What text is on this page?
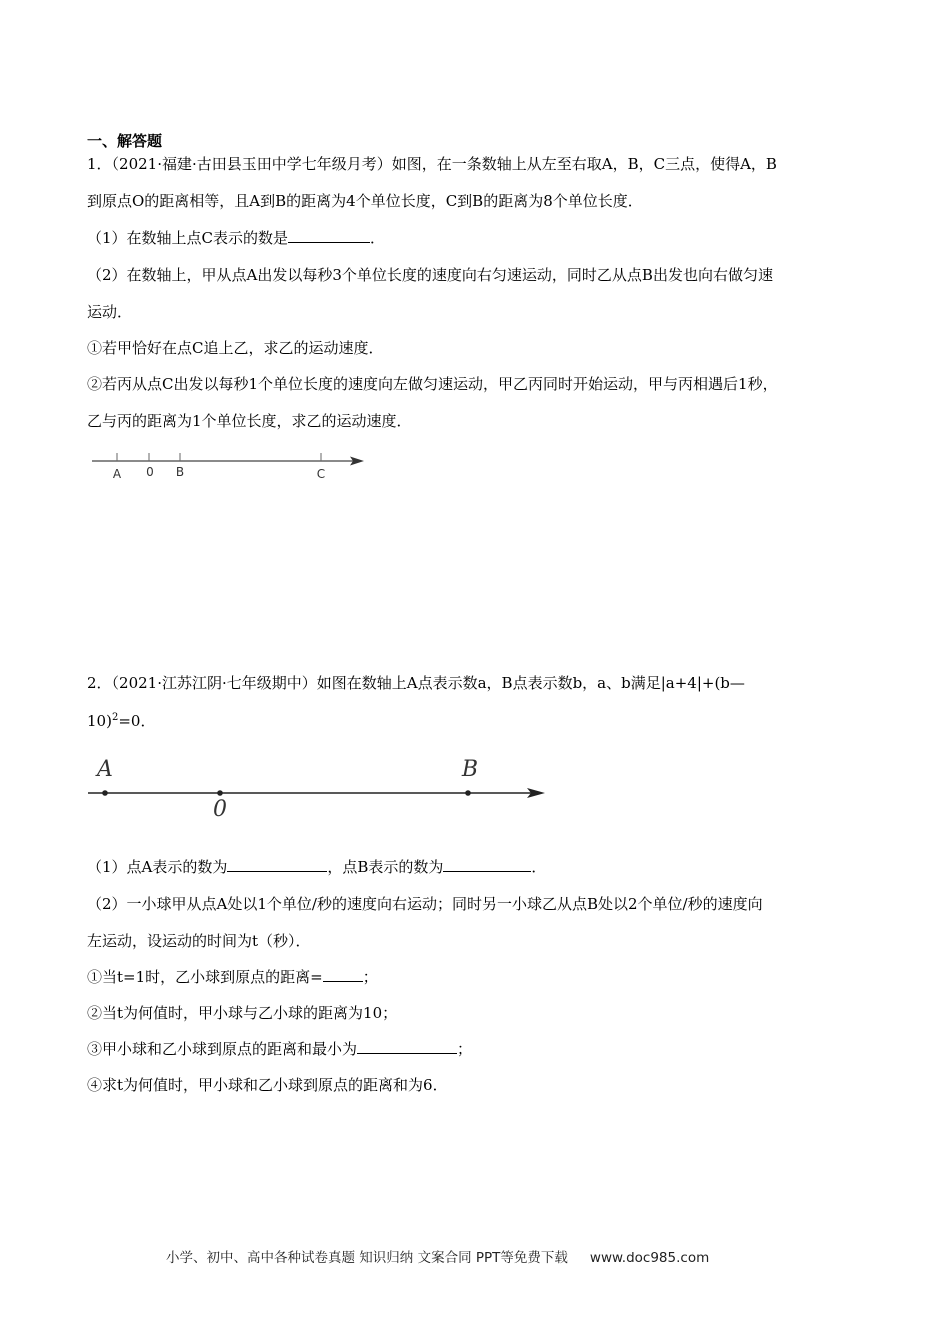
一、解答题
1．（2021·福建·古田县玉田中学七年级月考）如图，在一条数轴上从左至右取A，B，C三点，使得A，B
到原点O的距离相等，且A到B的距离为4个单位长度，C到B的距离为8个单位长度．
（1）在数轴上点C表示的数是	．
（2）在数轴上，甲从点A出发以每秒3个单位长度的速度向右匀速运动，同时乙从点B出发也向右做匀速
运动．
①若甲恰好在点C追上乙，求乙的运动速度．
②若丙从点C出发以每秒1个单位长度的速度向左做匀速运动，甲乙丙同时开始运动，甲与丙相遇后1秒，
乙与丙的距离为1个单位长度，求乙的运动速度．
A 0 B	C
2．（2021·江苏江阴·七年级期中）如图在数轴上A点表示数a，B点表示数b，a、b满足|a+4|+(b—
10)$^2$=0．
A
0
B
（1）点A表示的数为	，点B表示的数为	．
（2）一小球甲从点A处以1个单位/秒的速度向右运动；同时另一小球乙从点B处以2个单位/秒的速度向
左运动，设运动的时间为t（秒）．
①当t=1时，乙小球到原点的距离=	；
②当t为何值时，甲小球与乙小球的距离为10；
③甲小球和乙小球到原点的距离和最小为	；
④求t为何值时，甲小球和乙小球到原点的距离和为6．
小学、初中、高中各种试卷真题 知识归纳 文案合同 PPT等免费下载 www.doc985.com
